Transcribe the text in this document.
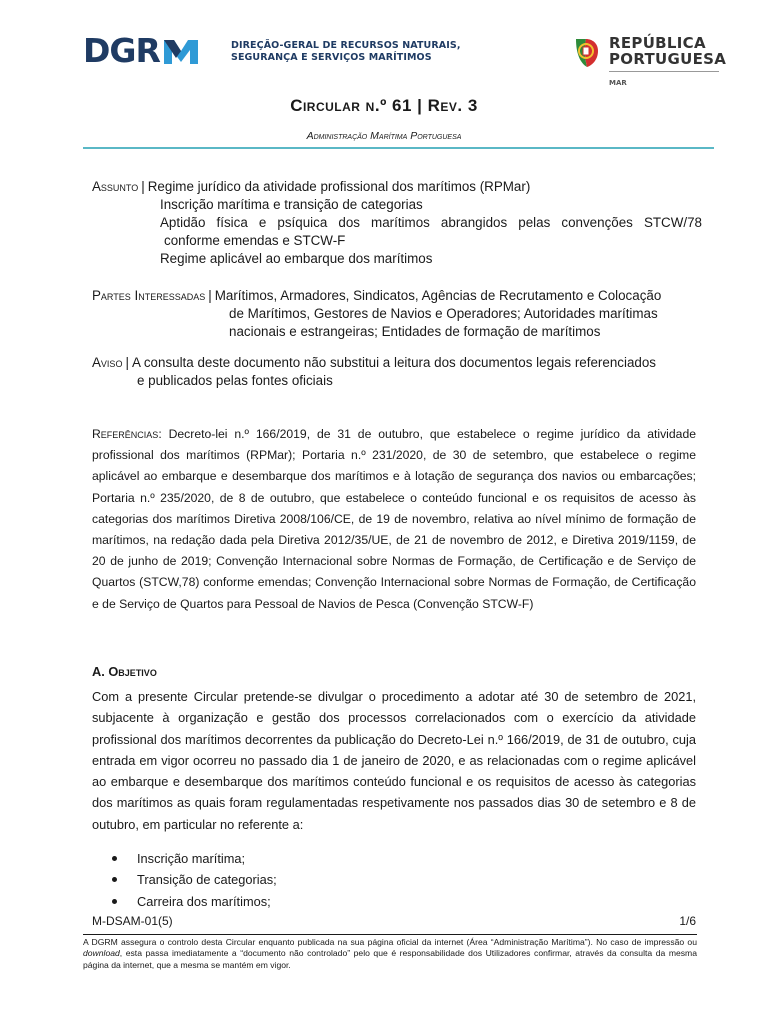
DGR	DIREÇÃO-GERAL DE RECURSOS NATURAIS,
SEGURANÇA E SERVIÇOS MARÍTIMOS
REPÚBLICA
PORTUGUESA
MAR
Circular n.º 61 | Rev. 3
Administração Marítima Portuguesa
Assunto | Regime jurídico da atividade profissional dos marítimos (RPMar)
Inscrição marítima e transição de categorias
Aptidão física e psíquica dos marítimos abrangidos pelas convenções STCW/78
conforme emendas e STCW-F
Regime aplicável ao embarque dos marítimos
Partes Interessadas | Marítimos, Armadores, Sindicatos, Agências de Recrutamento e Colocação
de Marítimos, Gestores de Navios e Operadores; Autoridades marítimas
nacionais e estrangeiras; Entidades de formação de marítimos
Aviso | A consulta deste documento não substitui a leitura dos documentos legais referenciados
e publicados pelas fontes oficiais
Referências: Decreto-lei n.º 166/2019, de 31 de outubro, que estabelece o regime jurídico da atividade profissional dos marítimos (RPMar); Portaria n.º 231/2020, de 30 de setembro, que estabelece o regime aplicável ao embarque e desembarque dos marítimos e à lotação de segurança dos navios ou embarcações; Portaria n.º 235/2020, de 8 de outubro, que estabelece o conteúdo funcional e os requisitos de acesso às categorias dos marítimos Diretiva 2008/106/CE, de 19 de novembro, relativa ao nível mínimo de formação de marítimos, na redação dada pela Diretiva 2012/35/UE, de 21 de novembro de 2012, e Diretiva 2019/1159, de 20 de junho de 2019; Convenção Internacional sobre Normas de Formação, de Certificação e de Serviço de Quartos (STCW,78) conforme emendas; Convenção Internacional sobre Normas de Formação, de Certificação e de Serviço de Quartos para Pessoal de Navios de Pesca (Convenção STCW-F)
A. Objetivo
Com a presente Circular pretende-se divulgar o procedimento a adotar até 30 de setembro de 2021, subjacente à organização e gestão dos processos correlacionados com o exercício da atividade profissional dos marítimos decorrentes da publicação do Decreto-Lei n.º 166/2019, de 31 de outubro, cuja entrada em vigor ocorreu no passado dia 1 de janeiro de 2020, e as relacionadas com o regime aplicável ao embarque e desembarque dos marítimos conteúdo funcional e os requisitos de acesso às categorias dos marítimos as quais foram regulamentadas respetivamente nos passados dias 30 de setembro e 8 de outubro, em particular no referente a:
Inscrição marítima;
Transição de categorias;
Carreira dos marítimos;
M-DSAM-01(5)	1/6
A DGRM assegura o controlo desta Circular enquanto publicada na sua página oficial da internet (Área “Administração Marítima”). No caso de impressão ou download, esta passa imediatamente a “documento não controlado” pelo que é responsabilidade dos Utilizadores confirmar, através da consulta da mesma página da internet, que a mesma se mantém em vigor.
